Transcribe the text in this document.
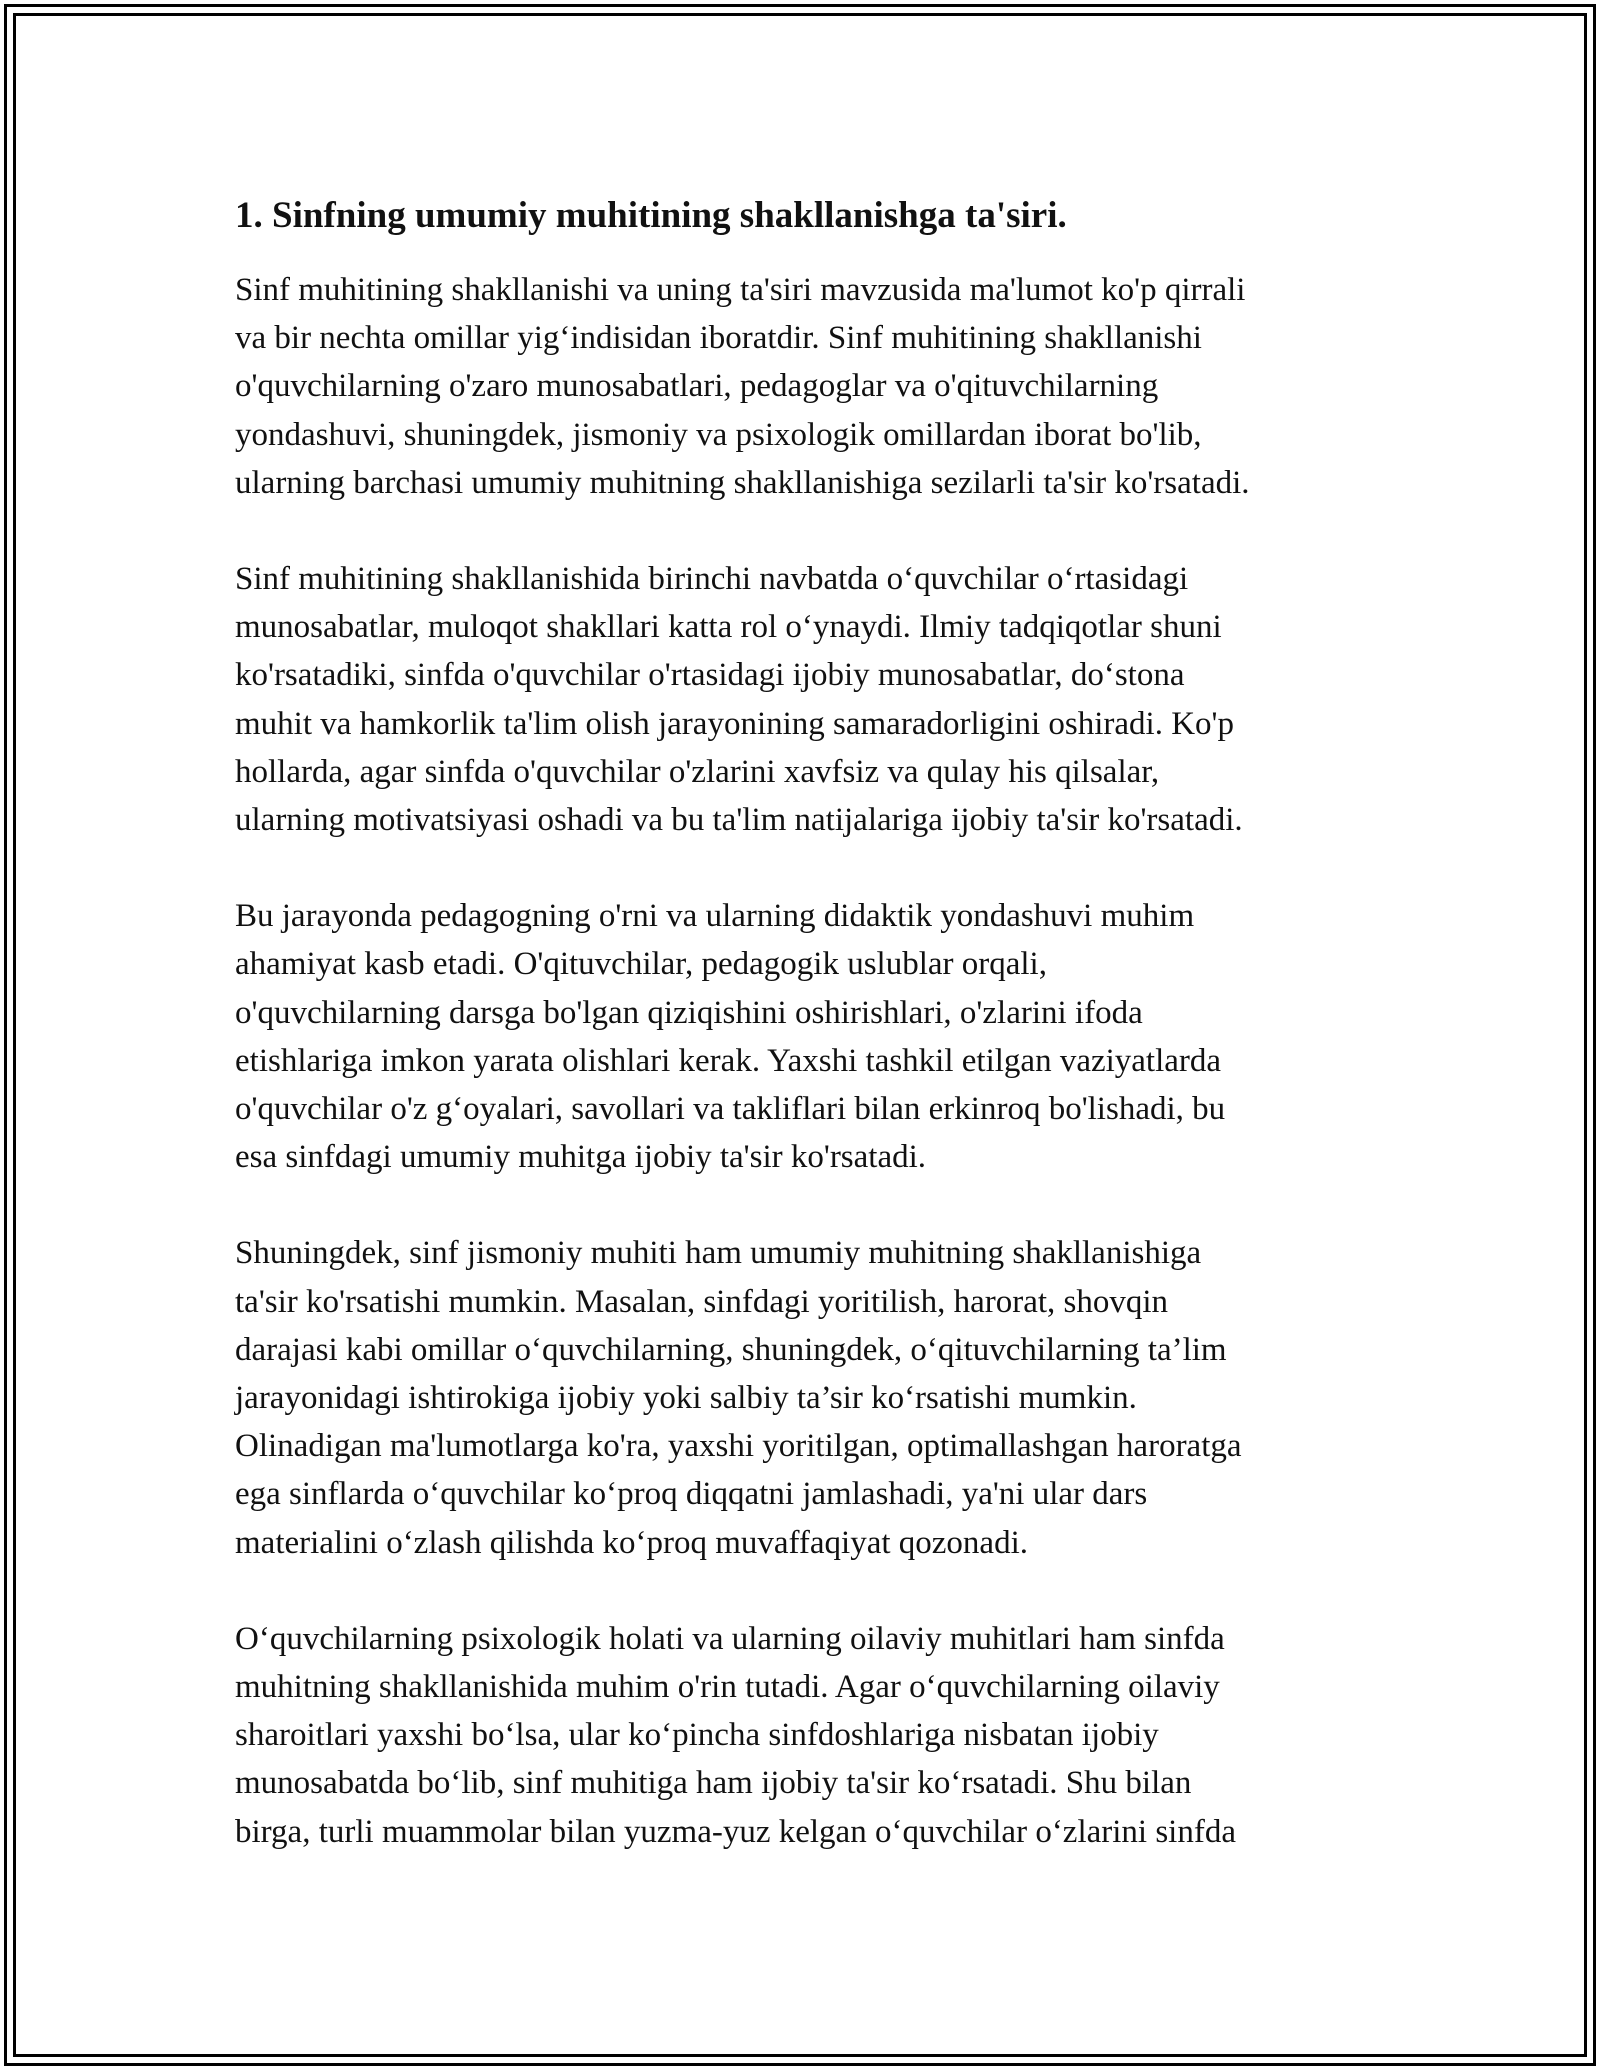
1. Sinfning umumiy muhitining shakllanishga ta'siri.

Sinf muhitining shakllanishi va uning ta'siri mavzusida ma'lumot ko'p qirrali
va bir nechta omillar yig‘indisidan iboratdir. Sinf muhitining shakllanishi
o'quvchilarning o'zaro munosabatlari, pedagoglar va o'qituvchilarning
yondashuvi, shuningdek, jismoniy va psixologik omillardan iborat bo'lib,
ularning barchasi umumiy muhitning shakllanishiga sezilarli ta'sir ko'rsatadi.

Sinf muhitining shakllanishida birinchi navbatda o‘quvchilar o‘rtasidagi
munosabatlar, muloqot shakllari katta rol o‘ynaydi. Ilmiy tadqiqotlar shuni
ko'rsatadiki, sinfda o'quvchilar o'rtasidagi ijobiy munosabatlar, do‘stona
muhit va hamkorlik ta'lim olish jarayonining samaradorligini oshiradi. Ko'p
hollarda, agar sinfda o'quvchilar o'zlarini xavfsiz va qulay his qilsalar,
ularning motivatsiyasi oshadi va bu ta'lim natijalariga ijobiy ta'sir ko'rsatadi.

Bu jarayonda pedagogning o'rni va ularning didaktik yondashuvi muhim
ahamiyat kasb etadi. O'qituvchilar, pedagogik uslublar orqali,
o'quvchilarning darsga bo'lgan qiziqishini oshirishlari, o'zlarini ifoda
etishlariga imkon yarata olishlari kerak. Yaxshi tashkil etilgan vaziyatlarda
o'quvchilar o'z g‘oyalari, savollari va takliflari bilan erkinroq bo'lishadi, bu
esa sinfdagi umumiy muhitga ijobiy ta'sir ko'rsatadi.

Shuningdek, sinf jismoniy muhiti ham umumiy muhitning shakllanishiga
ta'sir ko'rsatishi mumkin. Masalan, sinfdagi yoritilish, harorat, shovqin
darajasi kabi omillar o‘quvchilarning, shuningdek, o‘qituvchilarning ta’lim
jarayonidagi ishtirokiga ijobiy yoki salbiy ta’sir ko‘rsatishi mumkin.
Olinadigan ma'lumotlarga ko'ra, yaxshi yoritilgan, optimallashgan haroratga
ega sinflarda o‘quvchilar ko‘proq diqqatni jamlashadi, ya'ni ular dars
materialini o‘zlash qilishda ko‘proq muvaffaqiyat qozonadi.

O‘quvchilarning psixologik holati va ularning oilaviy muhitlari ham sinfda
muhitning shakllanishida muhim o'rin tutadi. Agar o‘quvchilarning oilaviy
sharoitlari yaxshi bo‘lsa, ular ko‘pincha sinfdoshlariga nisbatan ijobiy
munosabatda bo‘lib, sinf muhitiga ham ijobiy ta'sir ko‘rsatadi. Shu bilan
birga, turli muammolar bilan yuzma-yuz kelgan o‘quvchilar o‘zlarini sinfda
